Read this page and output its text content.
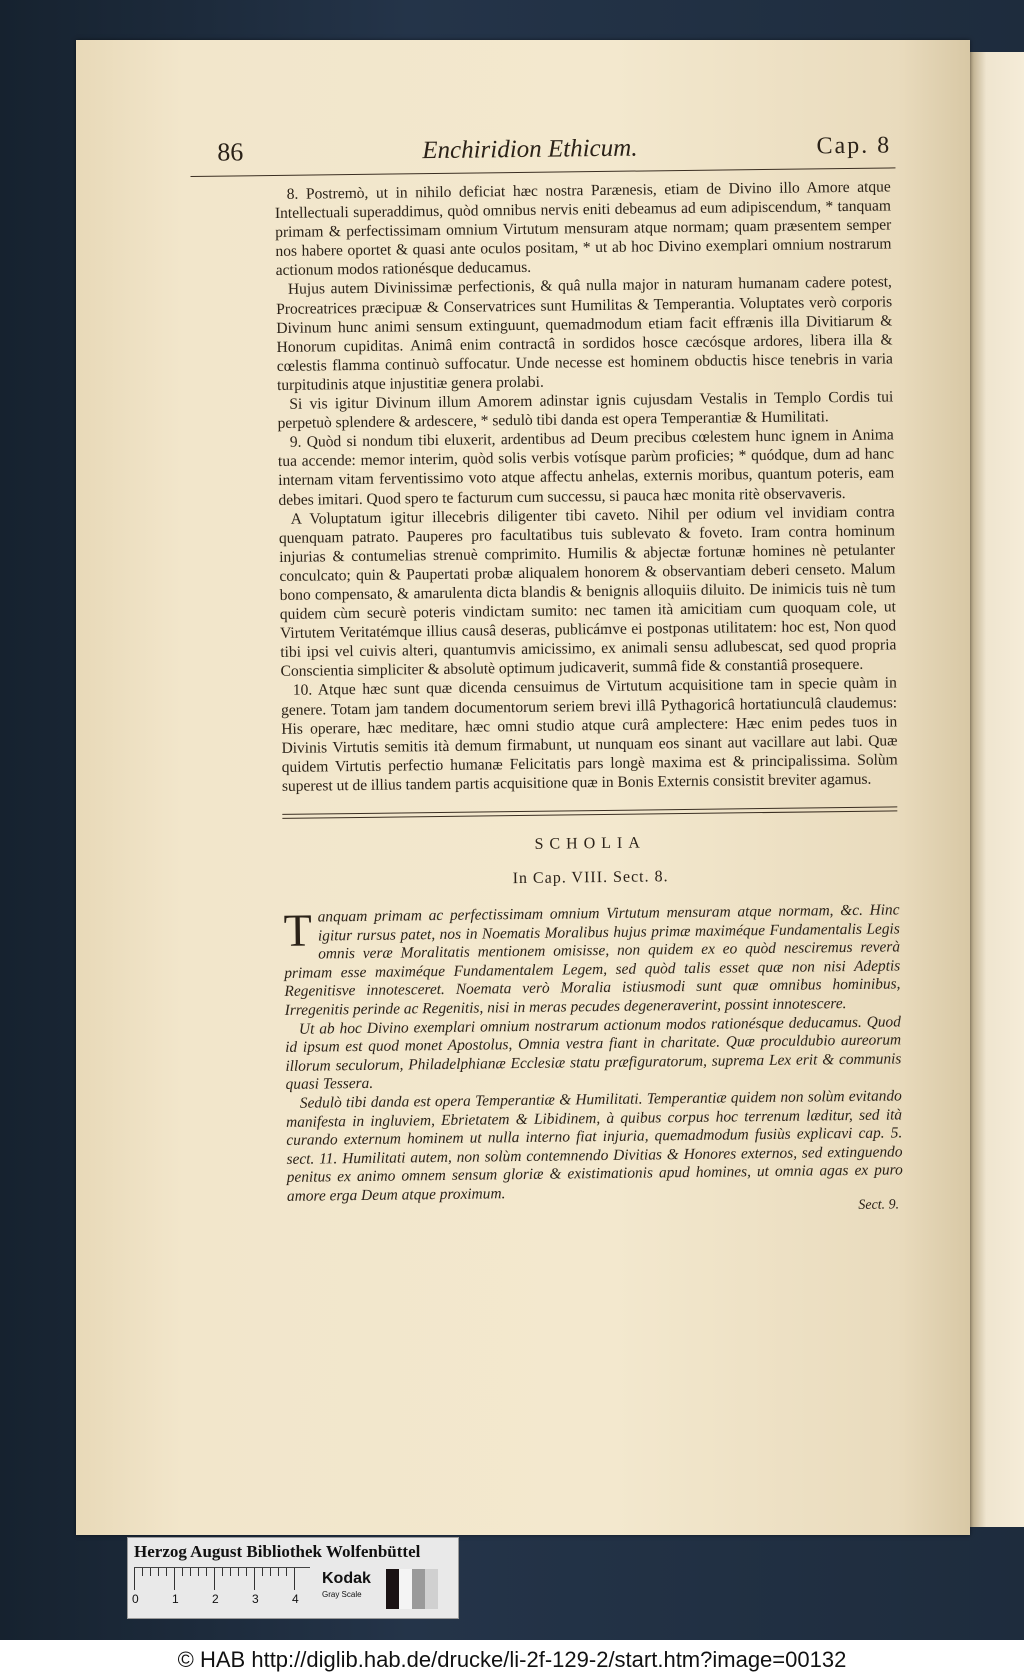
86	Enchiridion Ethicum.	Cap. 8

8. Postremò, ut in nihilo deficiat hæc nostra Parænesis, etiam de Divino illo Amore atque Intellectuali superaddimus, quòd omnibus nervis eniti debeamus ad eum adipiscendum, * tanquam primam & perfectissimam omnium Virtutum mensuram atque normam; quam præsentem semper nos habere oportet & quasi ante oculos positam, * ut ab hoc Divino exemplari omnium nostrarum actionum modos rationésque deducamus.

Hujus autem Divinissimæ perfectionis, & quâ nulla major in naturam humanam cadere potest, Procreatrices præcipuæ & Conservatrices sunt Humilitas & Temperantia. Voluptates verò corporis Divinum hunc animi sensum extinguunt, quemadmodum etiam facit effrænis illa Divitiarum & Honorum cupiditas. Animâ enim contractâ in sordidos hosce cæcósque ardores, libera illa & cœlestis flamma continuò suffocatur. Unde necesse est hominem obductis hisce tenebris in varia turpitudinis atque injustitiæ genera prolabi.

Si vis igitur Divinum illum Amorem adinstar ignis cujusdam Vestalis in Templo Cordis tui perpetuò splendere & ardescere, * sedulò tibi danda est opera Temperantiæ & Humilitati.

9. Quòd si nondum tibi eluxerit, ardentibus ad Deum precibus cœlestem hunc ignem in Anima tua accende: memor interim, quòd solis verbis votísque parùm proficies; * quódque, dum ad hanc internam vitam ferventissimo voto atque affectu anhelas, externis moribus, quantum poteris, eam debes imitari. Quod spero te facturum cum successu, si pauca hæc monita ritè observaveris.

A Voluptatum igitur illecebris diligenter tibi caveto. Nihil per odium vel invidiam contra quenquam patrato. Pauperes pro facultatibus tuis sublevato & foveto. Iram contra hominum injurias & contumelias strenuè comprimito. Humilis & abjectæ fortunæ homines nè petulanter conculcato; quin & Paupertati probæ aliqualem honorem & observantiam deberi censeto. Malum bono compensato, & amarulenta dicta blandis & benignis alloquiis diluito. De inimicis tuis nè tum quidem cùm securè poteris vindictam sumito: nec tamen ità amicitiam cum quoquam cole, ut Virtutem Veritatémque illius causâ deseras, publicámve ei postponas utilitatem: hoc est, Non quod tibi ipsi vel cuivis alteri, quantumvis amicissimo, ex animali sensu adlubescat, sed quod propria Conscientia simpliciter & absolutè optimum judicaverit, summâ fide & constantiâ prosequere.

10. Atque hæc sunt quæ dicenda censuimus de Virtutum acquisitione tam in specie quàm in genere. Totam jam tandem documentorum seriem brevi illâ Pythagoricâ hortatiunculâ claudemus: His operare, hæc meditare, hæc omni studio atque curâ amplectere: Hæc enim pedes tuos in Divinis Virtutis semitis ità demum firmabunt, ut nunquam eos sinant aut vacillare aut labi. Quæ quidem Virtutis perfectio humanæ Felicitatis pars longè maxima est & principalissima. Solùm superest ut de illius tandem partis acquisitione quæ in Bonis Externis consistit breviter agamus.

SCHOLIA
In Cap. VIII. Sect. 8.

Tanquam primam ac perfectissimam omnium Virtutum mensuram atque normam, &c. Hinc igitur rursus patet, nos in Noematis Moralibus hujus primæ maximéque Fundamentalis Legis omnis veræ Moralitatis mentionem omisisse, non quidem ex eo quòd nesciremus reverà primam esse maximéque Fundamentalem Legem, sed quòd talis esset quæ non nisi Adeptis Regenitisve innotesceret. Noemata verò Moralia istiusmodi sunt quæ omnibus hominibus, Irregenitis perinde ac Regenitis, nisi in meras pecudes degeneraverint, possint innotescere.

Ut ab hoc Divino exemplari omnium nostrarum actionum modos rationésque deducamus. Quod id ipsum est quod monet Apostolus, Omnia vestra fiant in charitate. Quæ proculdubio aureorum illorum seculorum, Philadelphianæ Ecclesiæ statu præfiguratorum, suprema Lex erit & communis quasi Tessera.

Sedulò tibi danda est opera Temperantiæ & Humilitati. Temperantiæ quidem non solùm evitando manifesta in ingluviem, Ebrietatem & Libidinem, à quibus corpus hoc terrenum læditur, sed ità curando externum hominem ut nulla interno fiat injuria, quemadmodum fusiùs explicavi cap. 5. sect. 11. Humilitati autem, non solùm contemnendo Divitias & Honores externos, sed extinguendo penitus ex animo omnem sensum gloriæ & existimationis apud homines, ut omnia agas ex puro amore erga Deum atque proximum.	Sect. 9.
Herzog August Bibliothek Wolfenbüttel
0	1	2	3	4
Kodak
Gray Scale
© HAB http://diglib.hab.de/drucke/li-2f-129-2/start.htm?image=00132
